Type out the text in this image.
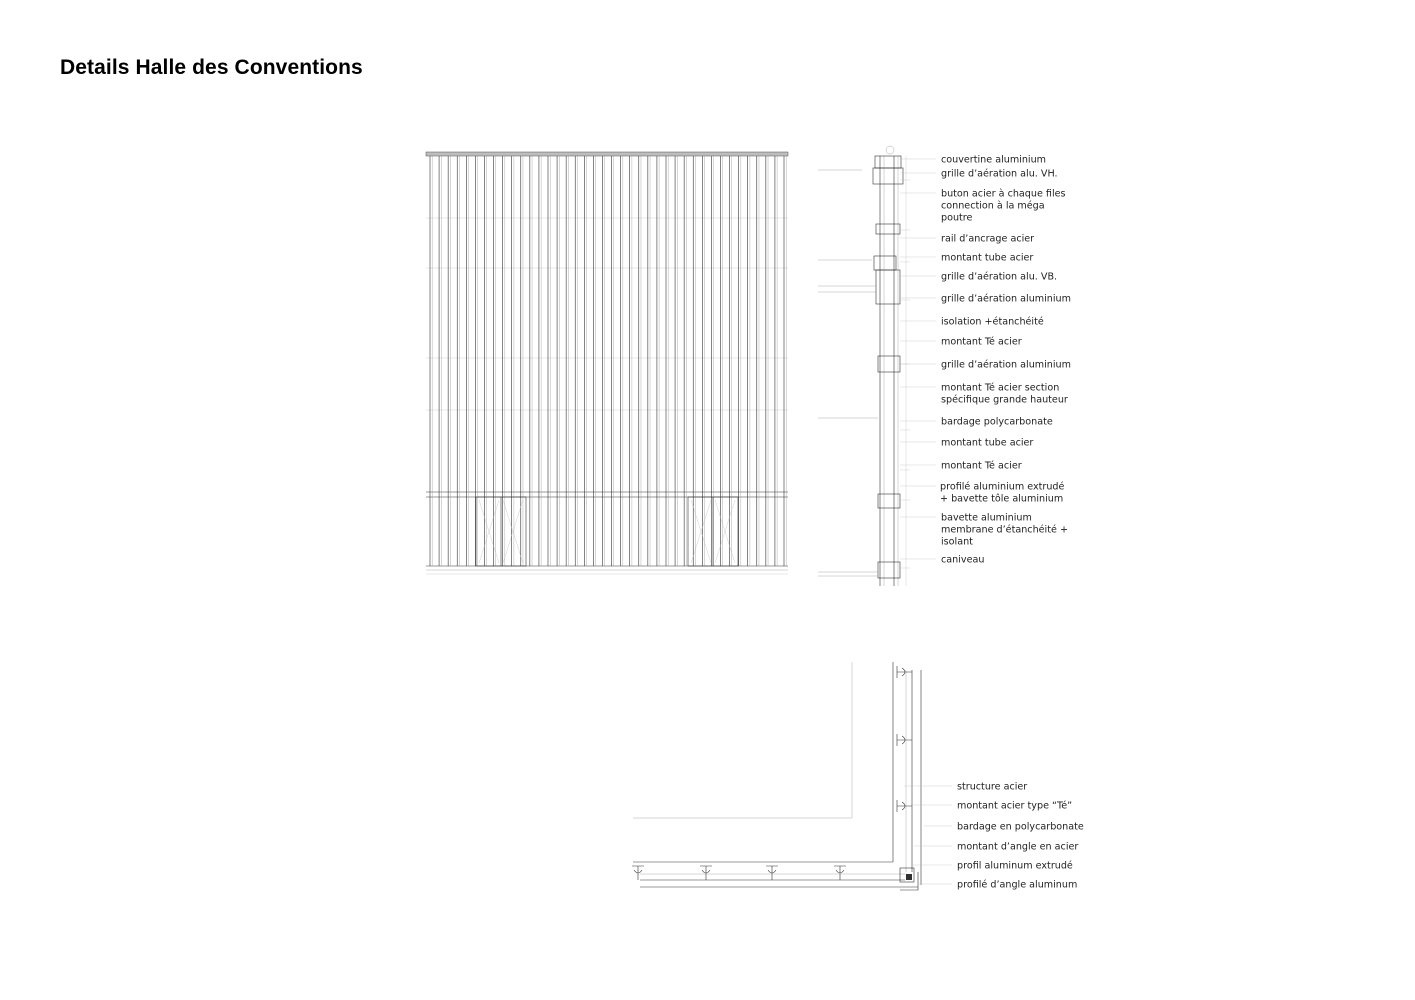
Details Halle des Conventions
couvertine aluminium
grille d’aération alu. VH.
buton acier à chaque files connection à la méga poutre
rail d’ancrage acier
montant tube acier
grille d’aération alu. VB.
grille d’aération aluminium
isolation +étanchéité
montant Té acier
grille d’aération aluminium
montant Té acier section spécifique grande hauteur
bardage polycarbonate
montant tube acier
montant Té acier
profilé aluminium extrudé + bavette tôle aluminium
bavette aluminium membrane d’étanchéité + isolant
caniveau
structure acier
montant acier type “Té”
bardage en polycarbonate
montant d’angle en acier
profil aluminum extrudé
profilé d’angle aluminum
